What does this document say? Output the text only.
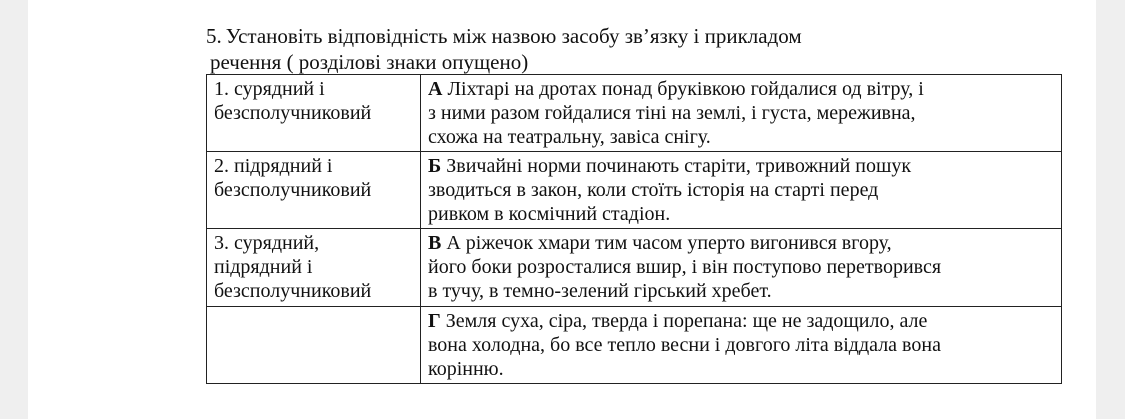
5. Установіть відповідність між назвою засобу зв’язку і прикладом
речення ( розділові знаки опущено)
1. сурядний і
безсполучниковий	А Ліхтарі на дротах понад бруківкою гойдалися од вітру, і
з ними разом гойдалися тіні на землі, і густа, мереживна,
схожа на театральну, завіса снігу.

2. підрядний і
безсполучниковий	Б Звичайні норми починають старіти, тривожний пошук
зводиться в закон, коли стоїть історія на старті перед
ривком в космічний стадіон.

3. сурядний,
підрядний і
безсполучниковий	В А ріжечок хмари тим часом уперто вигонився вгору,
його боки розросталися вшир, і він поступово перетворився
в тучу, в темно-зелений гірський хребет.

	Г Земля суха, сіра, тверда і порепана: ще не задощило, але
вона холодна, бо все тепло весни і довгого літа віддала вона
корінню.
